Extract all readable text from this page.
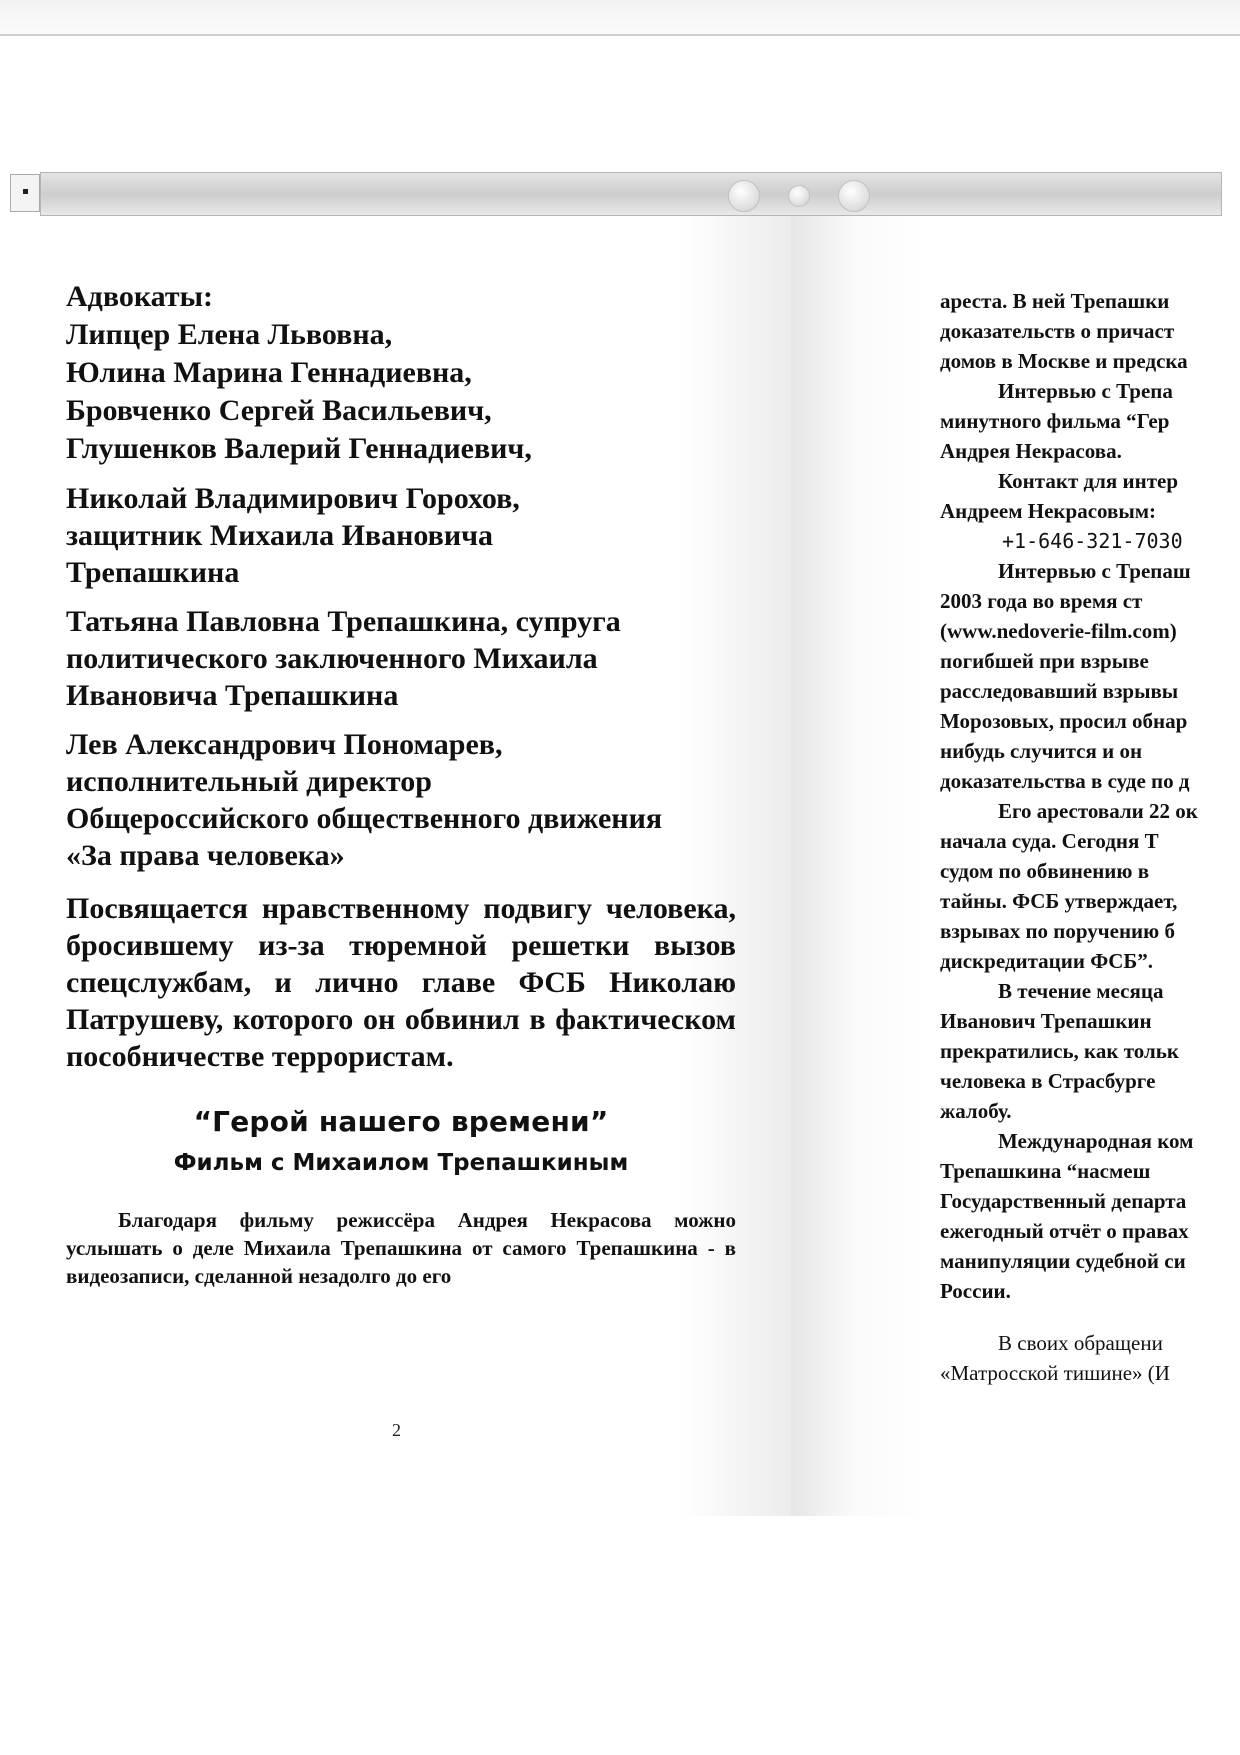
Адвокаты:

Липцер Елена Львовна,

Юлина Марина Геннадиевна,

Бровченко Сергей Васильевич,

Глушенков Валерий Геннадиевич,

Николай Владимирович Горохов,
защитник Михаила Ивановича
Трепашкина
Татьяна Павловна Трепашкина, супруга
политического заключенного Михаила
Ивановича Трепашкина
Лев Александрович Пономарев,
исполнительный директор
Общероссийского общественного движения
«За права человека»

Посвящается нравственному подвигу человека, бросившему из-за тюремной решетки вызов спецслужбам, и лично главе ФСБ Николаю Патрушеву, которого он обвинил в фактическом пособничестве террористам.

“Герой нашего времени”
Фильм с Михаилом Трепашкиным

Благодаря фильму режиссёра Андрея Некрасова можно услышать о деле Михаила Трепашкина от самого Трепашкина - в видеозаписи, сделанной незадолго до его

2

ареста. В ней Трепашки

доказательств о причаст

домов в Москве и предска

Интервью с Трепа

минутного фильма “Гер

Андрея Некрасова.

Контакт для интер

Андреем Некрасовым:

+1-646-321-7030

Интервью с Трепаш

2003 года во время ст

(www.nedoverie-film.com)

погибшей при взрыве

расследовавший взрывы

Морозовых, просил обнар

нибудь случится и он

доказательства в суде по д

Его арестовали 22 ок

начала суда. Сегодня Т

судом по обвинению в

тайны. ФСБ утверждает,

взрывах по поручению б

дискредитации ФСБ”.

В течение месяца

Иванович Трепашкин

прекратились, как тольк

человека в Страсбурге

жалобу.

Международная ком

Трепашкина “насмеш

Государственный департа

ежегодный отчёт о правах

манипуляции судебной си

России.

В своих обращени

«Матросской тишине» (И
